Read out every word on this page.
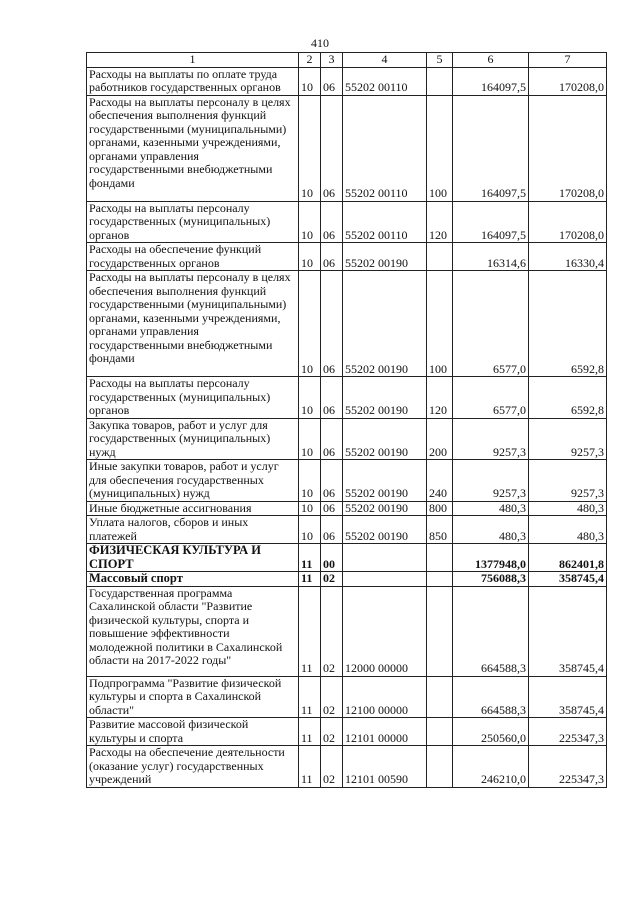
410
1	2	3	4	5	6	7

Расходы на выплаты по оплате труда работников государственных органов	10	06	55202 00110		164097,5	170208,0

Расходы на выплаты персоналу в целях обеспечения выполнения функций государственными (муниципальными) органами, казенными учреждениями, органами управления государственными внебюджетными фондами	10	06	55202 00110	100	164097,5	170208,0

Расходы на выплаты персоналу государственных (муниципальных) органов	10	06	55202 00110	120	164097,5	170208,0

Расходы на обеспечение функций государственных органов	10	06	55202 00190		16314,6	16330,4

Расходы на выплаты персоналу в целях обеспечения выполнения функций государственными (муниципальными) органами, казенными учреждениями, органами управления государственными внебюджетными фондами	10	06	55202 00190	100	6577,0	6592,8

Расходы на выплаты персоналу государственных (муниципальных) органов	10	06	55202 00190	120	6577,0	6592,8

Закупка товаров, работ и услуг для государственных (муниципальных) нужд	10	06	55202 00190	200	9257,3	9257,3

Иные закупки товаров, работ и услуг для обеспечения государственных (муниципальных) нужд	10	06	55202 00190	240	9257,3	9257,3

Иные бюджетные ассигнования	10	06	55202 00190	800	480,3	480,3

Уплата налогов, сборов и иных платежей	10	06	55202 00190	850	480,3	480,3

ФИЗИЧЕСКАЯ КУЛЬТУРА И СПОРТ	11	00			1377948,0	862401,8

Массовый спорт	11	02			756088,3	358745,4

Государственная программа Сахалинской области "Развитие физической культуры, спорта и повышение эффективности молодежной политики в Сахалинской области на 2017-2022 годы"	11	02	12000 00000		664588,3	358745,4

Подпрограмма "Развитие физической культуры и спорта в Сахалинской области"	11	02	12100 00000		664588,3	358745,4

Развитие массовой физической культуры и спорта	11	02	12101 00000		250560,0	225347,3

Расходы на обеспечение деятельности (оказание услуг) государственных учреждений	11	02	12101 00590		246210,0	225347,3
